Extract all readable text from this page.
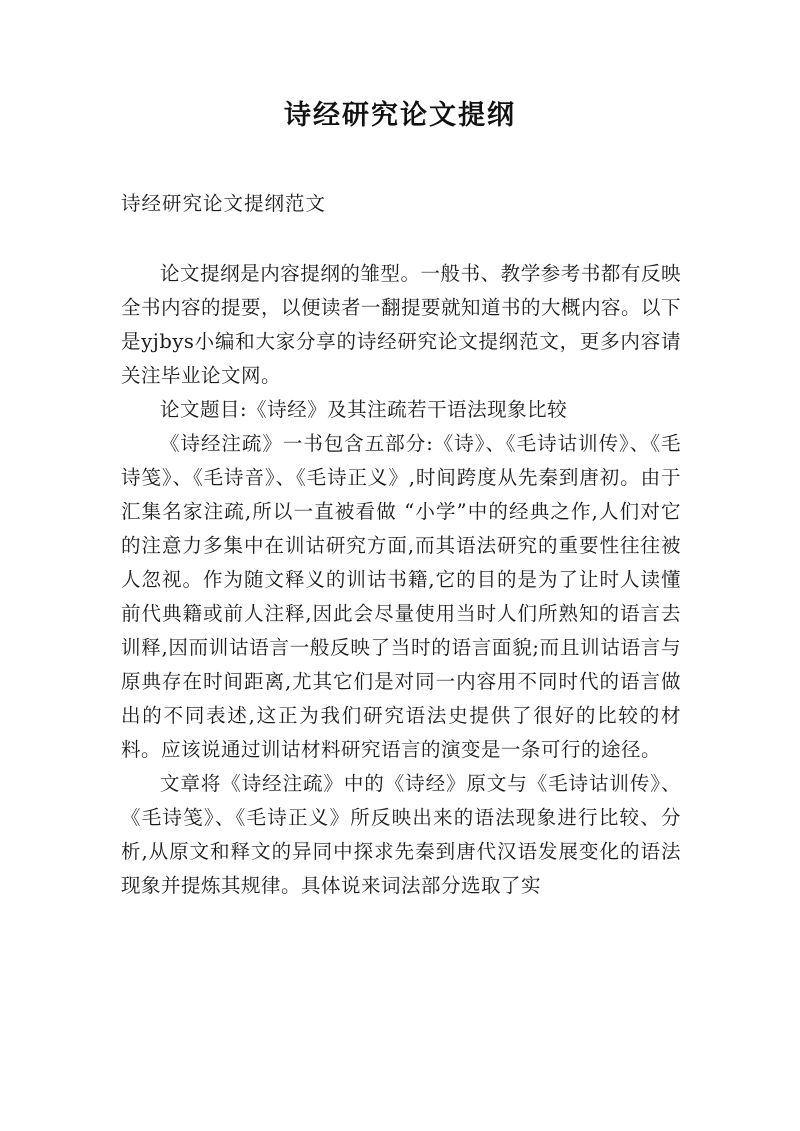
诗经研究论文提纲
诗经研究论文提纲范文

论文提纲是内容提纲的雏型。一般书、教学参考书都有反映全书内容的提要，以便读者一翻提要就知道书的大概内容。以下是yjbys小编和大家分享的诗经研究论文提纲范文，更多内容请关注毕业论文网。

论文题目:《诗经》及其注疏若干语法现象比较

《诗经注疏》一书包含五部分:《诗》、《毛诗诂训传》、《毛诗笺》、《毛诗音》、《毛诗正义》,时间跨度从先秦到唐初。由于汇集名家注疏,所以一直被看做 “小学”中的经典之作,人们对它的注意力多集中在训诂研究方面,而其语法研究的重要性往往被人忽视。作为随文释义的训诂书籍,它的目的是为了让时人读懂前代典籍或前人注释,因此会尽量使用当时人们所熟知的语言去训释,因而训诂语言一般反映了当时的语言面貌;而且训诂语言与原典存在时间距离,尤其它们是对同一内容用不同时代的语言做出的不同表述,这正为我们研究语法史提供了很好的比较的材料。应该说通过训诂材料研究语言的演变是一条可行的途径。

文章将《诗经注疏》中的《诗经》原文与《毛诗诂训传》、《毛诗笺》、《毛诗正义》所反映出来的语法现象进行比较、分析,从原文和释文的异同中探求先秦到唐代汉语发展变化的语法现象并提炼其规律。具体说来词法部分选取了实
